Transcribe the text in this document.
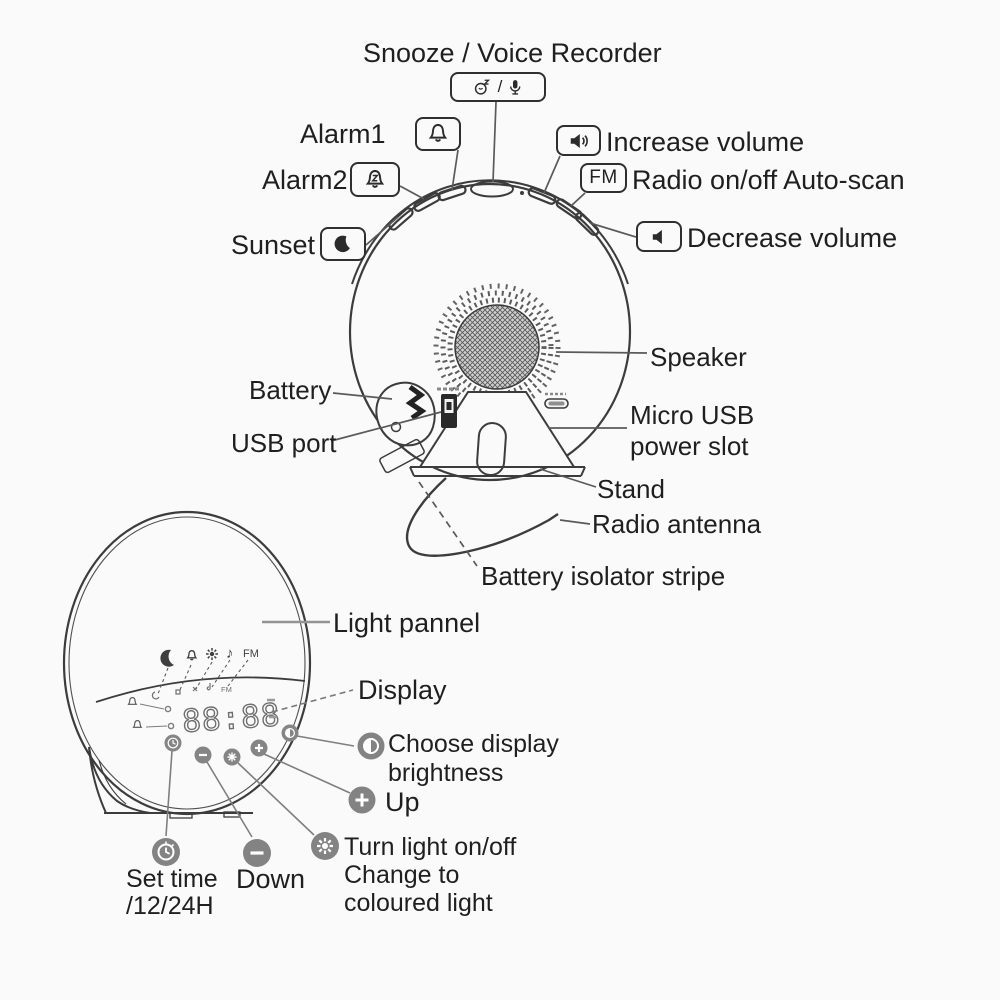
88:88
♪ FM
FM
Snooze / Voice Recorder
Alarm1
Alarm2
Sunset
Increase volume
Radio on/off Auto-scan
Decrease volume
Speaker
Micro USB
power slot
Stand
Radio antenna
Battery isolator stripe
Battery
USB port
/
FM
Light pannel
Display
Choose display
brightness
Up
Turn light on/off
Change to
coloured light
Down
Set time
/12/24H
